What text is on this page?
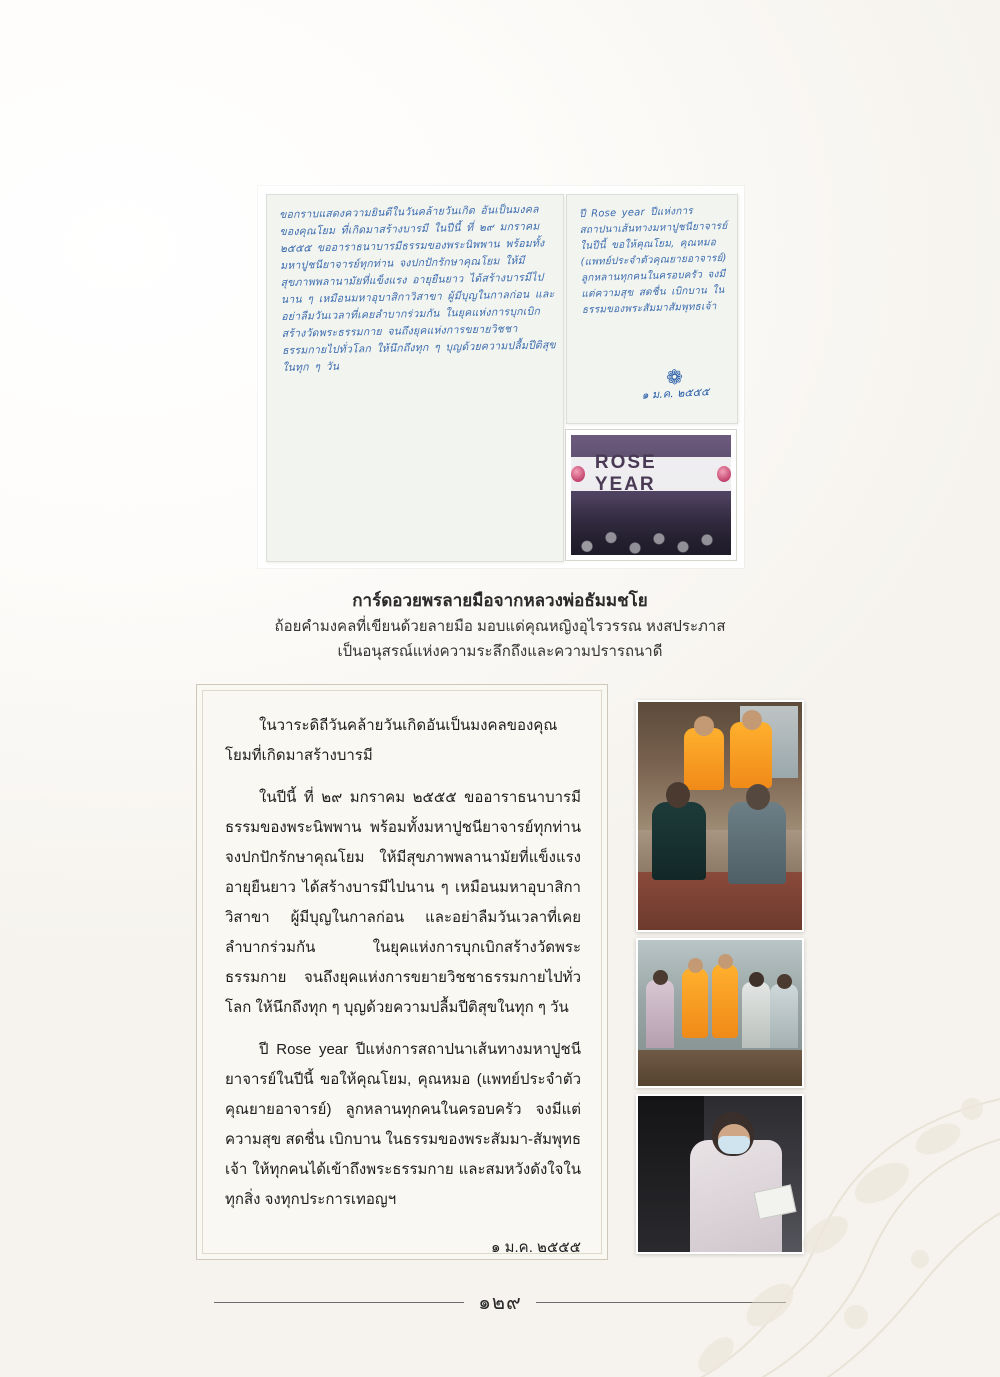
ขอกราบแสดงความยินดีในวันคล้ายวันเกิด อันเป็นมงคล ของคุณโยม ที่เกิดมาสร้างบารมี ในปีนี้ ที่ ๒๙ มกราคม ๒๕๕๕ ขออาราธนาบารมีธรรมของพระนิพพาน พร้อมทั้งมหาปูชนียาจารย์ทุกท่าน จงปกปักรักษาคุณโยม ให้มีสุขภาพพลานามัยที่แข็งแรง อายุยืนยาว ได้สร้างบารมีไปนาน ๆ เหมือนมหาอุบาสิกาวิสาขา ผู้มีบุญในกาลก่อน และอย่าลืมวันเวลาที่เคยลำบากร่วมกัน ในยุคแห่งการบุกเบิกสร้างวัดพระธรรมกาย จนถึงยุคแห่งการขยายวิชชาธรรมกายไปทั่วโลก ให้นึกถึงทุก ๆ บุญด้วยความปลื้มปีติสุขในทุก ๆ วัน
ปี Rose year ปีแห่งการสถาปนาเส้นทางมหาปูชนียาจารย์ในปีนี้ ขอให้คุณโยม, คุณหมอ (แพทย์ประจำตัวคุณยายอาจารย์) ลูกหลานทุกคนในครอบครัว จงมีแต่ความสุข สดชื่น เบิกบาน ในธรรมของพระสัมมาสัมพุทธเจ้า
❁
๑ ม.ค. ๒๕๕๕
ROSE YEAR
การ์ดอวยพรลายมือจากหลวงพ่อธัมมชโย
ถ้อยคำมงคลที่เขียนด้วยลายมือ มอบแด่คุณหญิงอุไรวรรณ หงสประภาส
เป็นอนุสรณ์แห่งความระลึกถึงและความปรารถนาดี

ในวาระดิถีวันคล้ายวันเกิดอันเป็นมงคลของคุณโยมที่เกิดมาสร้างบารมี

ในปีนี้ ที่ ๒๙ มกราคม ๒๕๕๕ ขออาราธนาบารมีธรรมของพระนิพพาน พร้อมทั้งมหาปูชนียาจารย์ทุกท่าน จงปกปักรักษาคุณโยม ให้มีสุขภาพพลานามัยที่แข็งแรง อายุยืนยาว ได้สร้างบารมีไปนาน ๆ เหมือนมหาอุบาสิกาวิสาขา ผู้มีบุญในกาลก่อน และอย่าลืมวันเวลาที่เคยลำบากร่วมกัน ในยุคแห่งการบุกเบิกสร้างวัดพระธรรมกาย จนถึงยุคแห่งการขยายวิชชาธรรมกายไปทั่วโลก ให้นึกถึงทุก ๆ บุญด้วยความปลื้มปีติสุขในทุก ๆ วัน

ปี Rose year ปีแห่งการสถาปนาเส้นทางมหาปูชนียาจารย์ในปีนี้ ขอให้คุณโยม, คุณหมอ (แพทย์ประจำตัวคุณยายอาจารย์) ลูกหลานทุกคนในครอบครัว จงมีแต่ความสุข สดชื่น เบิกบาน ในธรรมของพระสัมมา-สัมพุทธเจ้า ให้ทุกคนได้เข้าถึงพระธรรมกาย และสมหวังดังใจในทุกสิ่ง จงทุกประการเทอญฯ

๑ ม.ค. ๒๕๕๕

๑๒๙
